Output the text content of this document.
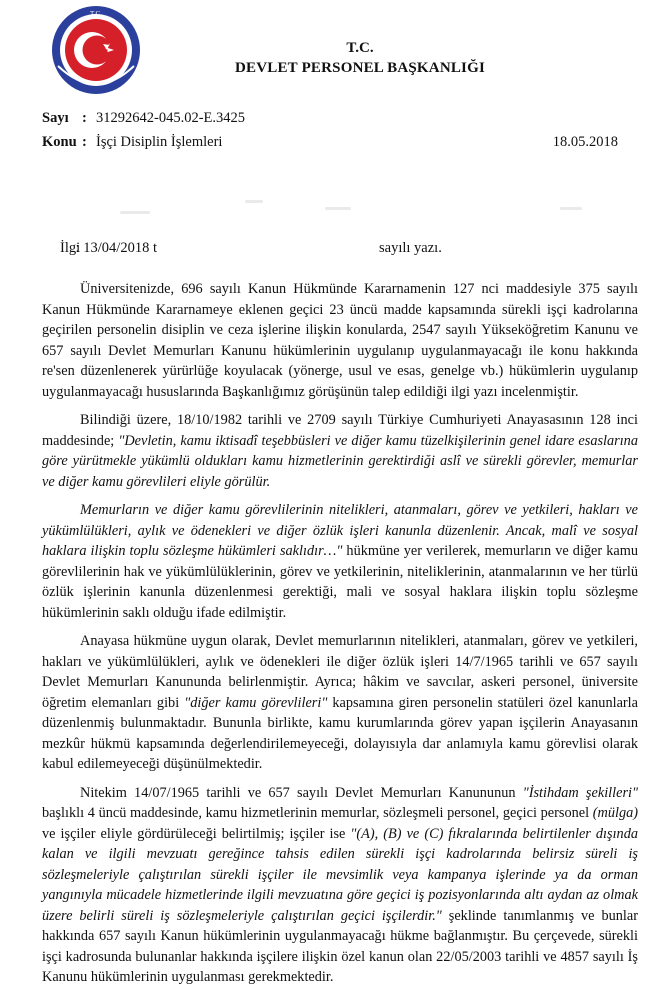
T.C.
T.C.
DEVLET PERSONEL BAŞKANLIĞI
Sayı : 31292642-045.02-E.3425
Konu : İşçi Disiplin İşlemleri	18.05.2018
İlgi : 13/04/2018 t	sayılı yazı.

Üniversitenizde, 696 sayılı Kanun Hükmünde Kararnamenin 127 nci maddesiyle 375 sayılı Kanun Hükmünde Kararnameye eklenen geçici 23 üncü madde kapsamında sürekli işçi kadrolarına geçirilen personelin disiplin ve ceza işlerine ilişkin konularda, 2547 sayılı Yükseköğretim Kanunu ve 657 sayılı Devlet Memurları Kanunu hükümlerinin uygulanıp uygulanmayacağı ile konu hakkında re'sen düzenlenerek yürürlüğe koyulacak (yönerge, usul ve esas, genelge vb.) hükümlerin uygulanıp uygulanmayacağı hususlarında Başkanlığımız görüşünün talep edildiği ilgi yazı incelenmiştir.

Bilindiği üzere, 18/10/1982 tarihli ve 2709 sayılı Türkiye Cumhuriyeti Anayasasının 128 inci maddesinde; "Devletin, kamu iktisadî teşebbüsleri ve diğer kamu tüzelkişilerinin genel idare esaslarına göre yürütmekle yükümlü oldukları kamu hizmetlerinin gerektirdiği aslî ve sürekli görevler, memurlar ve diğer kamu görevlileri eliyle görülür.

Memurların ve diğer kamu görevlilerinin nitelikleri, atanmaları, görev ve yetkileri, hakları ve yükümlülükleri, aylık ve ödenekleri ve diğer özlük işleri kanunla düzenlenir. Ancak, malî ve sosyal haklara ilişkin toplu sözleşme hükümleri saklıdır…" hükmüne yer verilerek, memurların ve diğer kamu görevlilerinin hak ve yükümlülüklerinin, görev ve yetkilerinin, niteliklerinin, atanmalarının ve her türlü özlük işlerinin kanunla düzenlenmesi gerektiği, mali ve sosyal haklara ilişkin toplu sözleşme hükümlerinin saklı olduğu ifade edilmiştir.

Anayasa hükmüne uygun olarak, Devlet memurlarının nitelikleri, atanmaları, görev ve yetkileri, hakları ve yükümlülükleri, aylık ve ödenekleri ile diğer özlük işleri 14/7/1965 tarihli ve 657 sayılı Devlet Memurları Kanununda belirlenmiştir. Ayrıca; hâkim ve savcılar, askeri personel, üniversite öğretim elemanları gibi "diğer kamu görevlileri" kapsamına giren personelin statüleri özel kanunlarla düzenlenmiş bulunmaktadır. Bununla birlikte, kamu kurumlarında görev yapan işçilerin Anayasanın mezkûr hükmü kapsamında değerlendirilemeyeceği, dolayısıyla dar anlamıyla kamu görevlisi olarak kabul edilemeyeceği düşünülmektedir.

Nitekim 14/07/1965 tarihli ve 657 sayılı Devlet Memurları Kanununun "İstihdam şekilleri" başlıklı 4 üncü maddesinde, kamu hizmetlerinin memurlar, sözleşmeli personel, geçici personel (mülga) ve işçiler eliyle gördürüleceği belirtilmiş; işçiler ise "(A), (B) ve (C) fıkralarında belirtilenler dışında kalan ve ilgili mevzuatı gereğince tahsis edilen sürekli işçi kadrolarında belirsiz süreli iş sözleşmeleriyle çalıştırılan sürekli işçiler ile mevsimlik veya kampanya işlerinde ya da orman yangınıyla mücadele hizmetlerinde ilgili mevzuatına göre geçici iş pozisyonlarında altı aydan az olmak üzere belirli süreli iş sözleşmeleriyle çalıştırılan geçici işçilerdir." şeklinde tanımlanmış ve bunlar hakkında 657 sayılı Kanun hükümlerinin uygulanmayacağı hükme bağlanmıştır. Bu çerçevede, sürekli işçi kadrosunda bulunanlar hakkında işçilere ilişkin özel kanun olan 22/05/2003 tarihli ve 4857 sayılı İş Kanunu hükümlerinin uygulanması gerekmektedir.
